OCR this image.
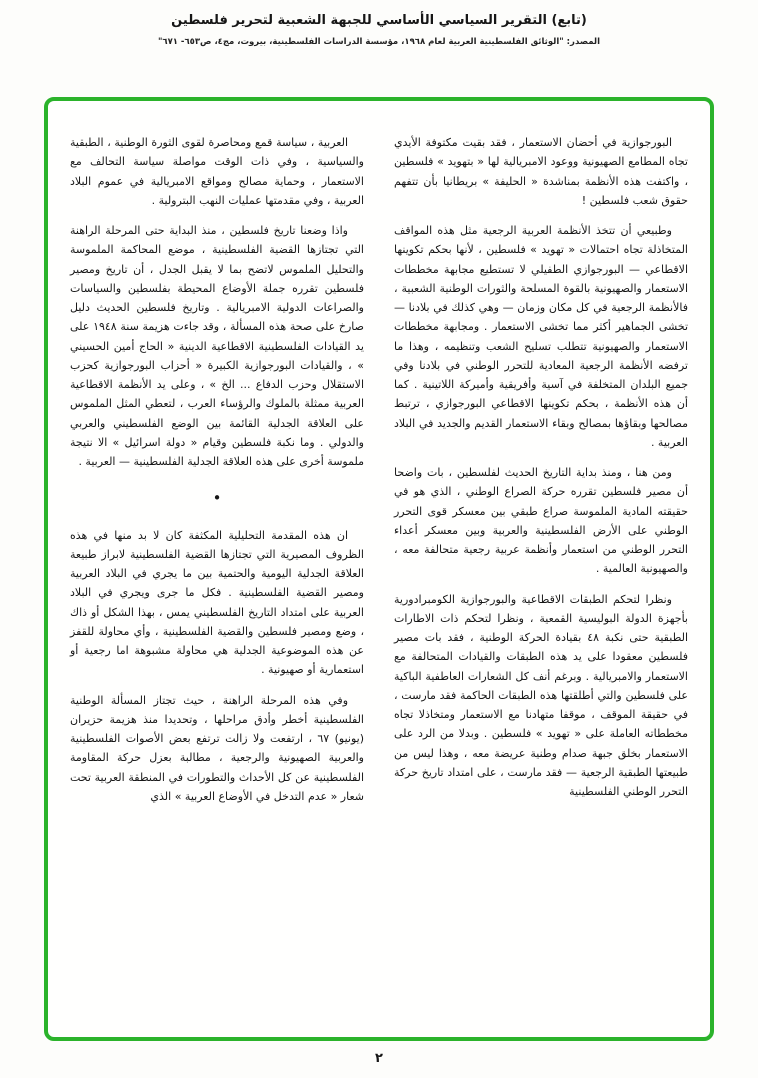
(تابع) التقرير السياسي الأساسي للجبهة الشعبية لتحرير فلسطين
المصدر: "الوثائق الفلسطينية العربية لعام ١٩٦٨، مؤسسة الدراسات الفلسطينية، بيروت، مج٤، ص٦٥٣- ٦٧١"

البورجوازية في أحضان الاستعمار ، فقد بقيت مكتوفة الأيدي تجاه المطامع الصهيونية ووعود الامبريالية لها « بتهويد » فلسطين ، واكتفت هذه الأنظمة بمناشدة « الحليفة » بريطانيا بأن تتفهم حقوق شعب فلسطين !

وطبيعي أن تتخذ الأنظمة العربية الرجعية مثل هذه المواقف المتخاذلة تجاه احتمالات « تهويد » فلسطين ، لأنها بحكم تكوينها الاقطاعي — البورجوازي الطفيلي لا تستطيع مجابهة مخططات الاستعمار والصهيونية بالقوة المسلحة والثورات الوطنية الشعبية ، فالأنظمة الرجعية في كل مكان وزمان — وهي كذلك في بلادنا — تخشى الجماهير أكثر مما تخشى الاستعمار . ومجابهة مخططات الاستعمار والصهيونية تتطلب تسليح الشعب وتنظيمه ، وهذا ما ترفضه الأنظمة الرجعية المعادية للتحرر الوطني في بلادنا وفي جميع البلدان المتخلفة في آسية وأفريقية وأميركة اللاتينية . كما أن هذه الأنظمة ، بحكم تكوينها الاقطاعي البورجوازي ، ترتبط مصالحها وبقاؤها بمصالح وبقاء الاستعمار القديم والجديد في البلاد العربية .

ومن هنا ، ومنذ بداية التاريخ الحديث لفلسطين ، بات واضحا أن مصير فلسطين تقرره حركة الصراع الوطني ، الذي هو في حقيقته المادية الملموسة صراع طبقي بين معسكر قوى التحرر الوطني على الأرض الفلسطينية والعربية وبين معسكر أعداء التحرر الوطني من استعمار وأنظمة عربية رجعية متحالفة معه ، والصهيونية العالمية .

ونظرا لتحكم الطبقات الاقطاعية والبورجوازية الكومبرادورية بأجهزة الدولة البوليسية القمعية ، ونظرا لتحكم ذات الاطارات الطبقية حتى نكبة ٤٨ بقيادة الحركة الوطنية ، فقد بات مصير فلسطين معقودا على يد هذه الطبقات والقيادات المتحالفة مع الاستعمار والامبريالية . وبرغم أنف كل الشعارات العاطفية الباكية على فلسطين والتي أطلقتها هذه الطبقات الحاكمة فقد مارست ، في حقيقة الموقف ، موقفا متهادنا مع الاستعمار ومتخاذلا تجاه مخططاته العاملة على « تهويد » فلسطين . وبدلا من الرد على الاستعمار بخلق جبهة صدام وطنية عريضة معه ، وهذا ليس من طبيعتها الطبقية الرجعية — فقد مارست ، على امتداد تاريخ حركة التحرر الوطني الفلسطينية

العربية ، سياسة قمع ومحاصرة لقوى الثورة الوطنية ، الطبقية والسياسية ، وفي ذات الوقت مواصلة سياسة التحالف مع الاستعمار ، وحماية مصالح ومواقع الامبريالية في عموم البلاد العربية ، وفي مقدمتها عمليات النهب البترولية .

واذا وضعنا تاريخ فلسطين ، منذ البداية حتى المرحلة الراهنة التي تجتازها القضية الفلسطينية ، موضع المحاكمة الملموسة والتحليل الملموس لاتضح بما لا يقبل الجدل ، أن تاريخ ومصير فلسطين تقرره جملة الأوضاع المحيطة بفلسطين والسياسات والصراعات الدولية الامبريالية . وتاريخ فلسطين الحديث دليل صارخ على صحة هذه المسألة ، وقد جاءت هزيمة سنة ١٩٤٨ على يد القيادات الفلسطينية الاقطاعية الدينية « الحاج أمين الحسيني » ، والقيادات البورجوازية الكبيرة « أحزاب البورجوازية كحزب الاستقلال وحزب الدفاع ... الخ » ، وعلى يد الأنظمة الاقطاعية العربية ممثلة بالملوك والرؤساء العرب ، لتعطي المثل الملموس على العلاقة الجدلية القائمة بين الوضع الفلسطيني والعربي والدولي . وما نكبة فلسطين وقيام « دولة اسرائيل » الا نتيجة ملموسة أخرى على هذه العلاقة الجدلية الفلسطينية — العربية .

•

ان هذه المقدمة التحليلية المكثفة كان لا بد منها في هذه الظروف المصيرية التي تجتازها القضية الفلسطينية لابراز طبيعة العلاقة الجدلية اليومية والحتمية بين ما يجري في البلاد العربية ومصير القضية الفلسطينية . فكل ما جرى ويجري في البلاد العربية على امتداد التاريخ الفلسطيني يمس ، بهذا الشكل أو ذاك ، وضع ومصير فلسطين والقضية الفلسطينية ، وأي محاولة للقفز عن هذه الموضوعية الجدلية هي محاولة مشبوهة اما رجعية أو استعمارية أو صهيونية .

وفي هذه المرحلة الراهنة ، حيث تجتاز المسألة الوطنية الفلسطينية أخطر وأدق مراحلها ، وتحديدا منذ هزيمة حزيران (يونيو) ٦٧ ، ارتفعت ولا زالت ترتفع بعض الأصوات الفلسطينية والعربية الصهيونية والرجعية ، مطالبة بعزل حركة المقاومة الفلسطينية عن كل الأحداث والتطورات في المنطقة العربية تحت شعار « عدم التدخل في الأوضاع العربية » الذي

٢
